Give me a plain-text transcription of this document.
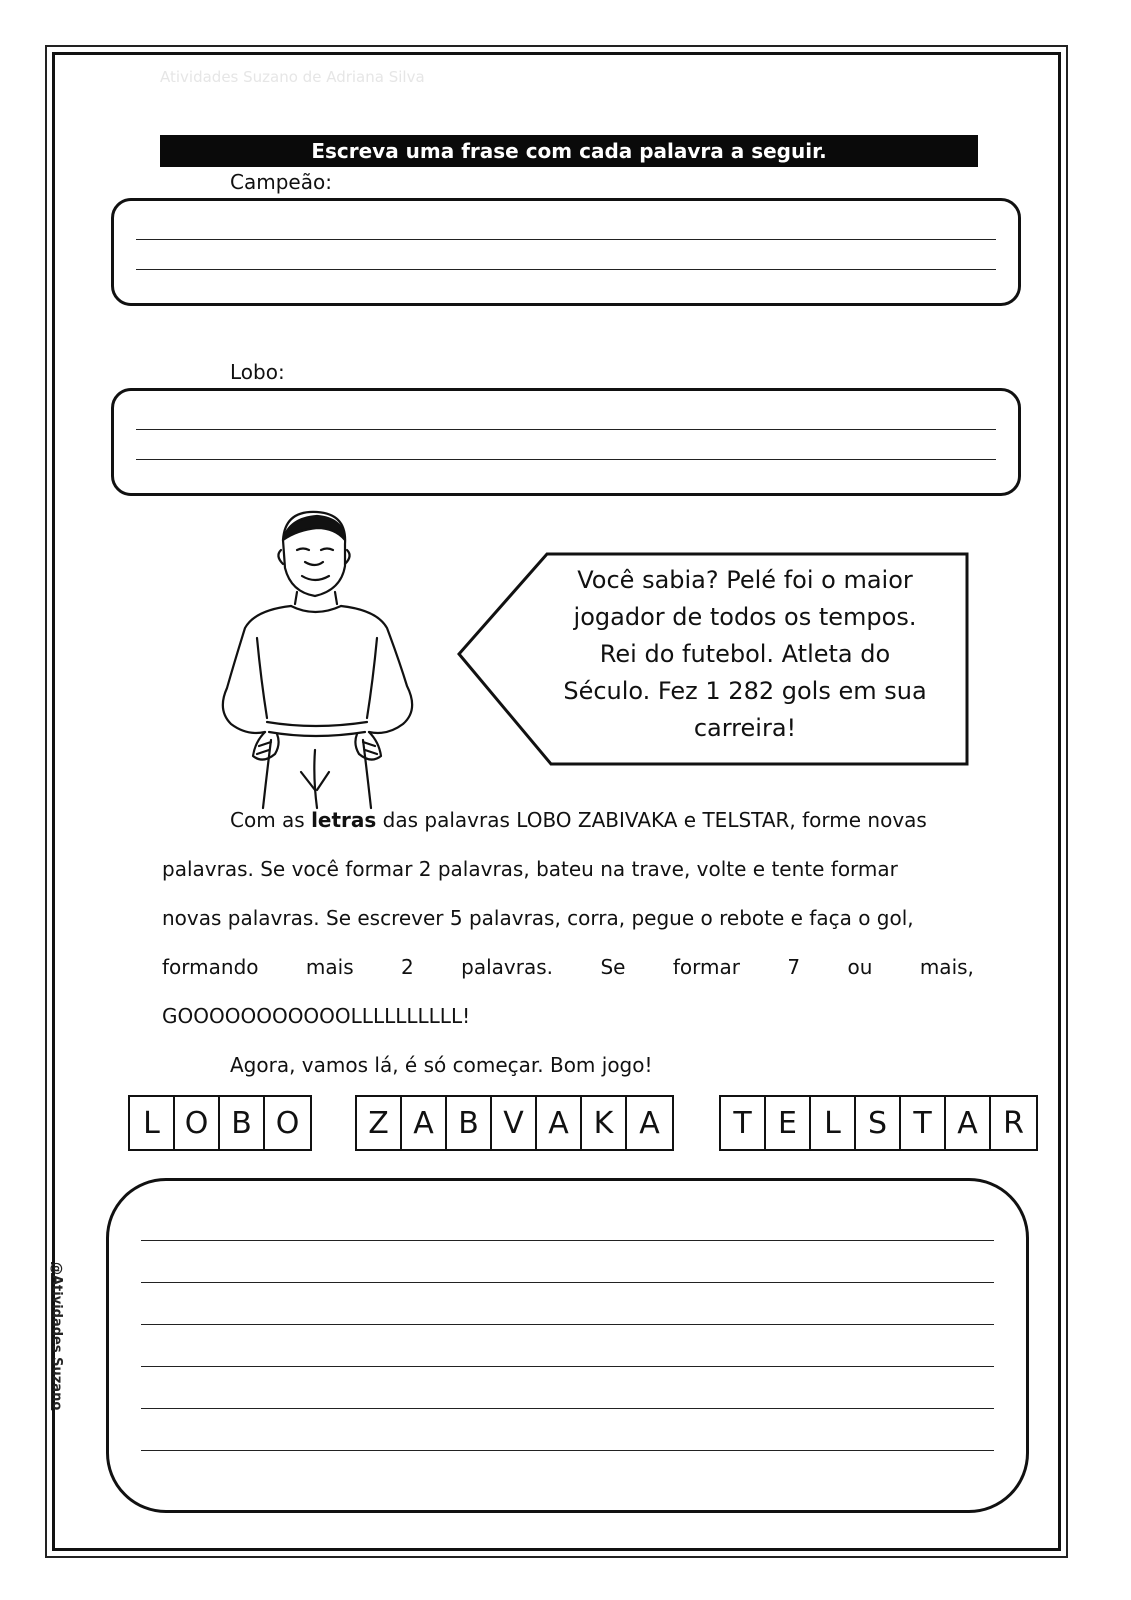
Atividades Suzano de Adriana Silva
@Atividades Suzano
Escreva uma frase com cada palavra a seguir.
Campeão:
Lobo:
Você sabia? Pelé foi o maior
jogador de todos os tempos.
Rei do futebol. Atleta do
Século. Fez 1 282 gols em sua
carreira!
Com as letras das palavras LOBO ZABIVAKA e TELSTAR, forme novas
palavras. Se você formar 2 palavras, bateu na trave, volte e tente formar
novas palavras. Se escrever 5 palavras, corra, pegue o rebote e faça o gol,
formando mais 2 palavras. Se formar 7 ou mais,
GOOOOOOOOOOOLLLLLLLLLL!
Agora, vamos lá, é só começar. Bom jogo!
L O B O	Z A B V A K A	T E L S T A R
